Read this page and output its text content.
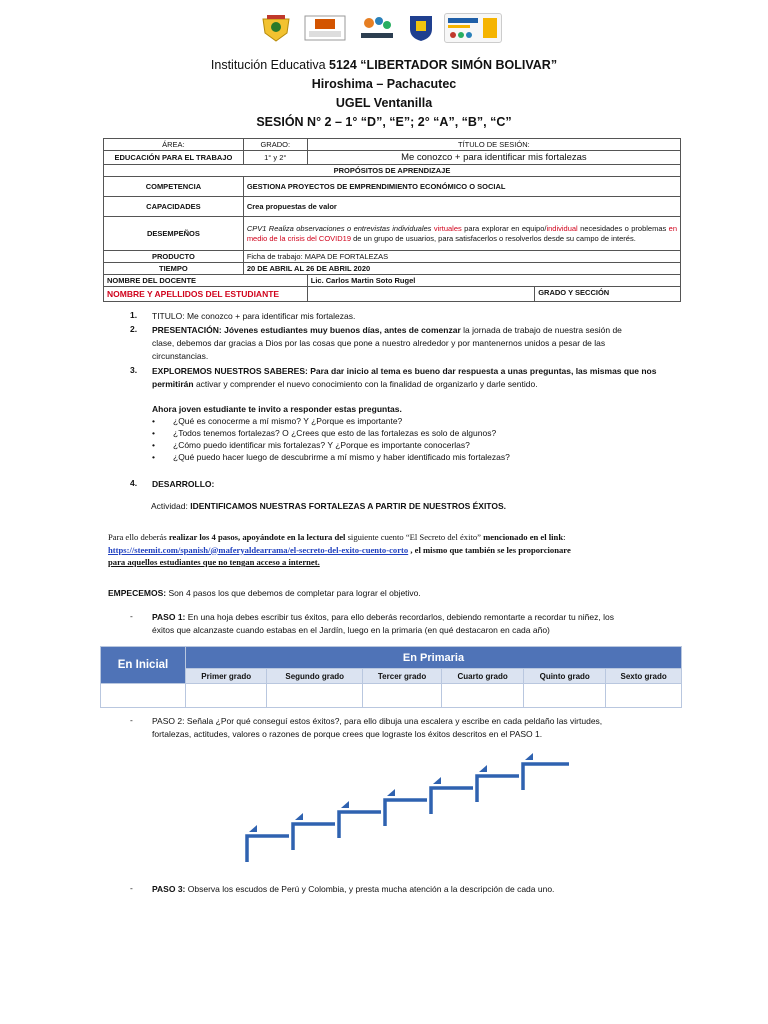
Institución Educativa 5124 “LIBERTADOR SIMÓN BOLIVAR”
Hiroshima – Pachacutec
UGEL Ventanilla
SESIÓN N° 2 – 1° “D”, “E”; 2° “A”, “B”, “C”
ÁREA:	GRADO:	TÍTULO DE SESIÓN:	
EDUCACIÓN PARA EL TRABAJO	1° y 2°	Me conozco + para identificar mis fortalezas	
PROPÓSITOS DE APRENDIZAJE			
COMPETENCIA	GESTIONA PROYECTOS DE EMPRENDIMIENTO ECONÓMICO O SOCIAL		
CAPACIDADES	Crea propuestas de valor		
DESEMPEÑOS	CPV1 Realiza observaciones o entrevistas individuales virtuales para explorar en equipo/individual necesidades o problemas en medio de la crisis del COVID19 de un grupo de usuarios, para satisfacerlos o resolverlos desde su campo de interés.		
PRODUCTO	Ficha de trabajo: MAPA DE FORTALEZAS		
TIEMPO	20 DE ABRIL AL 26 DE ABRIL 2020		
NOMBRE DEL DOCENTE		Lic. Carlos Martin Soto Rugel	
NOMBRE Y APELLIDOS DEL ESTUDIANTE			GRADO Y SECCIÓN
1. TITULO: Me conozco + para identificar mis fortalezas.
2. PRESENTACIÓN: Jóvenes estudiantes muy buenos días, antes de comenzar la jornada de trabajo de nuestra sesión de
clase, debemos dar gracias a Dios por las cosas que pone a nuestro alrededor y por mantenernos unidos a pesar de las
circunstancias.
3. EXPLOREMOS NUESTROS SABERES: Para dar inicio al tema es bueno dar respuesta a unas preguntas, las mismas que nos
permitirán activar y comprender el nuevo conocimiento con la finalidad de organizarlo y darle sentido.
Ahora joven estudiante te invito a responder estas preguntas.
• ¿Qué es conocerme a mí mismo? Y ¿Porque es importante?
• ¿Todos tenemos fortalezas? O ¿Crees que esto de las fortalezas es solo de algunos?
• ¿Cómo puedo identificar mis fortalezas? Y ¿Porque es importante conocerlas?
• ¿Qué puedo hacer luego de descubrirme a mí mismo y haber identificado mis fortalezas?
4. DESARROLLO:
Actividad: IDENTIFICAMOS NUESTRAS FORTALEZAS A PARTIR DE NUESTROS ÉXITOS.
Para ello deberás realizar los 4 pasos, apoyándote en la lectura del siguiente cuento “El Secreto del éxito” mencionado en el link:
https://steemit.com/spanish/@maferyaldearrama/el-secreto-del-exito-cuento-corto , el mismo que también se les proporcionare
para aquellos estudiantes que no tengan acceso a internet.
EMPECEMOS: Son 4 pasos los que debemos de completar para lograr el objetivo.
- PASO 1: En una hoja debes escribir tus éxitos, para ello deberás recordarlos, debiendo remontarte a recordar tu niñez, los
éxitos que alcanzaste cuando estabas en el Jardín, luego en la primaria (en qué destacaron en cada año)
En Inicial	En Primaria					
	Primer grado	Segundo grado	Tercer grado	Cuarto grado	Quinto grado	Sexto grado

- PASO 2: Señala ¿Por qué conseguí estos éxitos?, para ello dibuja una escalera y escribe en cada peldaño las virtudes,
fortalezas, actitudes, valores o razones de porque crees que lograste los éxitos descritos en el PASO 1.
- PASO 3: Observa los escudos de Perú y Colombia, y presta mucha atención a la descripción de cada uno.
